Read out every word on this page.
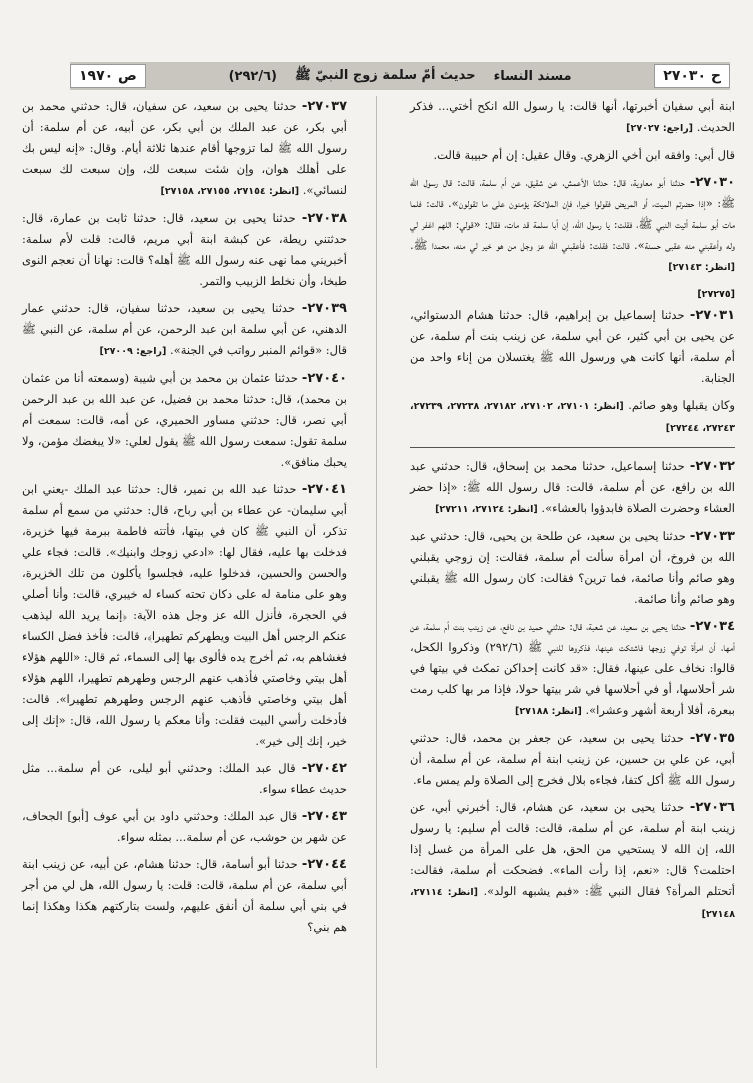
ح ٢٧٠٣٠
مسند النساء
حديث أمّ سلمة زوج النبيّ ﷺ
(٢٩٢/٦)
ص ١٩٧٠
ابنة أبي سفيان أخبرتها، أنها قالت: يا رسول الله انكح أختي... فذكر الحديث. [راجع: ٢٧٠٢٧]
قال أبي: وافقه ابن أخي الزهري. وقال عقيل: إن أم حبيبة قالت.
٢٧٠٣٠- حدثنا أبو معاوية، قال: حدثنا الأعمش، عن شقيق، عن أم سلمة، قالت: قال رسول الله ﷺ: «إذا حضرتم الميت، أو المريض فقولوا خيرا، فإن الملائكة يؤمنون على ما تقولون». قالت: فلما مات أبو سلمة أتيت النبي ﷺ، فقلت: يا رسول الله، إن أبا سلمة قد مات، فقال: «قولي: اللهم اغفر لي وله وأعقبني منه عقبى حسنة». قالت: فقلت: فأعقبني الله عز وجل من هو خير لي منه، محمدا ﷺ. [انظر: ٢٧١٤٣]
[٢٧٢٧٥]
٢٧٠٣١- حدثنا إسماعيل بن إبراهيم، قال: حدثنا هشام الدستوائي، عن يحيى بن أبي كثير، عن أبي سلمة، عن زينب بنت أم سلمة، عن أم سلمة، أنها كانت هي ورسول الله ﷺ يغتسلان من إناء واحد من الجنابة.
وكان يقبلها وهو صائم. [انظر: ٢٧١٠١، ٢٧١٠٢، ٢٧١٨٢، ٢٧٢٣٨، ٢٧٢٣٩، ٢٧٢٤٣، ٢٧٢٤٤]
٢٧٠٣٢- حدثنا إسماعيل، حدثنا محمد بن إسحاق، قال: حدثني عبد الله بن رافع، عن أم سلمة، قالت: قال رسول الله ﷺ: «إذا حضر العشاء وحضرت الصلاة فابدؤوا بالعشاء». [انظر: ٢٧١٢٤، ٢٧٢١١]
٢٧٠٣٣- حدثنا يحيى بن سعيد، عن طلحة بن يحيى، قال: حدثني عبد الله بن فروخ، أن امرأة سألت أم سلمة، فقالت: إن زوجي يقبلني وهو صائم وأنا صائمة، فما ترين؟ فقالت: كان رسول الله ﷺ يقبلني وهو صائم وأنا صائمة.
٢٧٠٣٤- حدثنا يحيى بن سعيد، عن شعبة، قال: حدثني حميد بن نافع، عن زينب بنت أم سلمة، عن أمها، أن امرأة توفي زوجها فاشتكت عينها، فذكروها للنبي ﷺ (٢٩٢/٦) وذكروا الكحل، قالوا: نخاف على عينها، فقال: «قد كانت إحداكن تمكث في بيتها في شر أحلاسها، أو في أحلاسها في شر بيتها حولا، فإذا مر بها كلب رمت ببعرة، أفلا أربعة أشهر وعشرا». [انظر: ٢٧١٨٨]
٢٧٠٣٥- حدثنا يحيى بن سعيد، عن جعفر بن محمد، قال: حدثني أبي، عن علي بن حسين، عن زينب ابنة أم سلمة، عن أم سلمة، أن رسول الله ﷺ أكل كتفا، فجاءه بلال فخرج إلى الصلاة ولم يمس ماء.
٢٧٠٣٦- حدثنا يحيى بن سعيد، عن هشام، قال: أخبرني أبي، عن زينب ابنة أم سلمة، عن أم سلمة، قالت: قالت أم سليم: يا رسول الله، إن الله لا يستحيي من الحق، هل على المرأة من غسل إذا احتلمت؟ قال: «نعم، إذا رأت الماء». فضحكت أم سلمة، فقالت: أتحتلم المرأة؟ فقال النبي ﷺ: «فبم يشبهه الولد». [انظر: ٢٧١١٤، ٢٧١٤٨]
٢٧٠٣٧- حدثنا يحيى بن سعيد، عن سفيان، قال: حدثني محمد بن أبي بكر، عن عبد الملك بن أبي بكر، عن أبيه، عن أم سلمة: أن رسول الله ﷺ لما تزوجها أقام عندها ثلاثة أيام. وقال: «إنه ليس بك على أهلك هوان، وإن شئت سبعت لك، وإن سبعت لك سبعت لنسائي». [انظر: ٢٧١٥٤، ٢٧١٥٥، ٢٧١٥٨]
٢٧٠٣٨- حدثنا يحيى بن سعيد، قال: حدثنا ثابت بن عمارة، قال: حدثتني ريطة، عن كبشة ابنة أبي مريم، قالت: قلت لأم سلمة: أخبريني مما نهى عنه رسول الله ﷺ أهله؟ قالت: نهانا أن نعجم النوى طبخا، وأن نخلط الزبيب والتمر.
٢٧٠٣٩- حدثنا يحيى بن سعيد، حدثنا سفيان، قال: حدثني عمار الدهني، عن أبي سلمة ابن عبد الرحمن، عن أم سلمة، عن النبي ﷺ قال: «قوائم المنبر رواتب في الجنة». [راجع: ٢٧٠٠٩]
٢٧٠٤٠- حدثنا عثمان بن محمد بن أبي شيبة (وسمعته أنا من عثمان بن محمد)، قال: حدثنا محمد بن فضيل، عن عبد الله بن عبد الرحمن أبي نصر، قال: حدثني مساور الحميري، عن أمه، قالت: سمعت أم سلمة تقول: سمعت رسول الله ﷺ يقول لعلي: «لا يبغضك مؤمن، ولا يحبك منافق».
٢٧٠٤١- حدثنا عبد الله بن نمير، قال: حدثنا عبد الملك -يعني ابن أبي سليمان- عن عطاء بن أبي رباح، قال: حدثني من سمع أم سلمة تذكر، أن النبي ﷺ كان في بيتها، فأتته فاطمة ببرمة فيها خزيرة، فدخلت بها عليه، فقال لها: «ادعي زوجك وابنيك». قالت: فجاء علي والحسن والحسين، فدخلوا عليه، فجلسوا يأكلون من تلك الخزيرة، وهو على منامة له على دكان تحته كساء له خيبري، قالت: وأنا أصلي في الحجرة، فأنزل الله عز وجل هذه الآية: ﴿إنما يريد الله ليذهب عنكم الرجس أهل البيت ويطهركم تطهيرا﴾، قالت: فأخذ فضل الكساء فغشاهم به، ثم أخرج يده فألوى بها إلى السماء، ثم قال: «اللهم هؤلاء أهل بيتي وخاصتي فأذهب عنهم الرجس وطهرهم تطهيرا، اللهم هؤلاء أهل بيتي وخاصتي فأذهب عنهم الرجس وطهرهم تطهيرا». قالت: فأدخلت رأسي البيت فقلت: وأنا معكم يا رسول الله، قال: «إنك إلى خير، إنك إلى خير».
٢٧٠٤٢- قال عبد الملك: وحدثني أبو ليلى، عن أم سلمة... مثل حديث عطاء سواء.
٢٧٠٤٣- قال عبد الملك: وحدثني داود بن أبي عوف [أبو] الجحاف، عن شهر بن حوشب، عن أم سلمة... بمثله سواء.
٢٧٠٤٤- حدثنا أبو أسامة، قال: حدثنا هشام، عن أبيه، عن زينب ابنة أبي سلمة، عن أم سلمة، قالت: قلت: يا رسول الله، هل لي من أجر في بني أبي سلمة أن أنفق عليهم، ولست بتاركتهم هكذا وهكذا إنما هم بني؟
